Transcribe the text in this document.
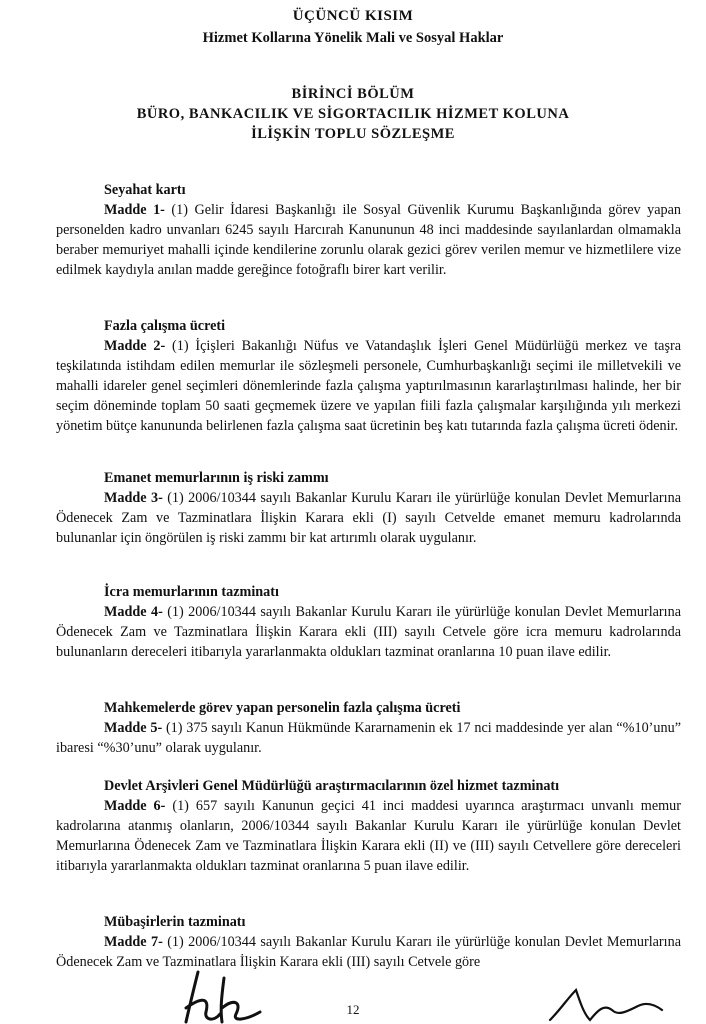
ÜÇÜNCÜ KISIM
Hizmet Kollarına Yönelik Mali ve Sosyal Haklar
BİRİNCİ BÖLÜM
BÜRO, BANKACILIK VE SİGORTACILIK HİZMET KOLUNA
İLİŞKİN TOPLU SÖZLEŞME

Seyahat kartı

Madde 1- (1) Gelir İdaresi Başkanlığı ile Sosyal Güvenlik Kurumu Başkanlığında görev yapan personelden kadro unvanları 6245 sayılı Harcırah Kanununun 48 inci maddesinde sayılanlardan olmamakla beraber memuriyet mahalli içinde kendilerine zorunlu olarak gezici görev verilen memur ve hizmetlilere vize edilmek kaydıyla anılan madde gereğince fotoğraflı birer kart verilir.

Fazla çalışma ücreti

Madde 2- (1) İçişleri Bakanlığı Nüfus ve Vatandaşlık İşleri Genel Müdürlüğü merkez ve taşra teşkilatında istihdam edilen memurlar ile sözleşmeli personele, Cumhurbaşkanlığı seçimi ile milletvekili ve mahalli idareler genel seçimleri dönemlerinde fazla çalışma yaptırılmasının kararlaştırılması halinde, her bir seçim döneminde toplam 50 saati geçmemek üzere ve yapılan fiili fazla çalışmalar karşılığında yılı merkezi yönetim bütçe kanununda belirlenen fazla çalışma saat ücretinin beş katı tutarında fazla çalışma ücreti ödenir.

Emanet memurlarının iş riski zammı

Madde 3- (1) 2006/10344 sayılı Bakanlar Kurulu Kararı ile yürürlüğe konulan Devlet Memurlarına Ödenecek Zam ve Tazminatlara İlişkin Karara ekli (I) sayılı Cetvelde emanet memuru kadrolarında bulunanlar için öngörülen iş riski zammı bir kat artırımlı olarak uygulanır.

İcra memurlarının tazminatı

Madde 4- (1) 2006/10344 sayılı Bakanlar Kurulu Kararı ile yürürlüğe konulan Devlet Memurlarına Ödenecek Zam ve Tazminatlara İlişkin Karara ekli (III) sayılı Cetvele göre icra memuru kadrolarında bulunanların dereceleri itibarıyla yararlanmakta oldukları tazminat oranlarına 10 puan ilave edilir.

Mahkemelerde görev yapan personelin fazla çalışma ücreti

Madde 5- (1) 375 sayılı Kanun Hükmünde Kararnamenin ek 17 nci maddesinde yer alan “%10’unu” ibaresi “%30’unu” olarak uygulanır.

Devlet Arşivleri Genel Müdürlüğü araştırmacılarının özel hizmet tazminatı

Madde 6- (1) 657 sayılı Kanunun geçici 41 inci maddesi uyarınca araştırmacı unvanlı memur kadrolarına atanmış olanların, 2006/10344 sayılı Bakanlar Kurulu Kararı ile yürürlüğe konulan Devlet Memurlarına Ödenecek Zam ve Tazminatlara İlişkin Karara ekli (II) ve (III) sayılı Cetvellere göre dereceleri itibarıyla yararlanmakta oldukları tazminat oranlarına 5 puan ilave edilir.

Mübaşirlerin tazminatı

Madde 7- (1) 2006/10344 sayılı Bakanlar Kurulu Kararı ile yürürlüğe konulan Devlet Memurlarına Ödenecek Zam ve Tazminatlara İlişkin Karara ekli (III) sayılı Cetvele göre

12
